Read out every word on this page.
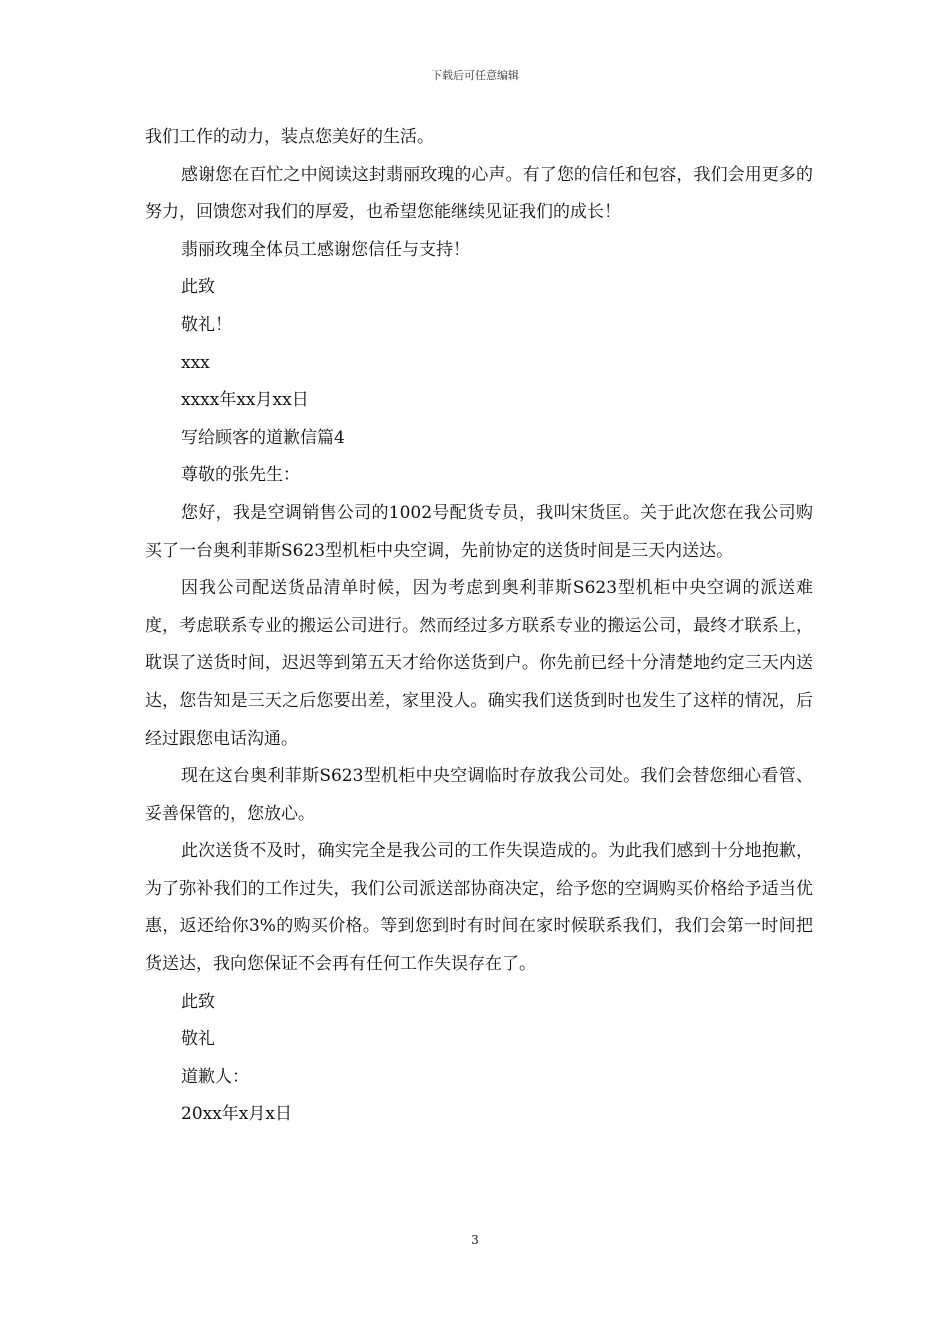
下载后可任意编辑

我们工作的动力，装点您美好的生活。

感谢您在百忙之中阅读这封翡丽玫瑰的心声。有了您的信任和包容，我们会用更多的努力，回馈您对我们的厚爱，也希望您能继续见证我们的成长！

翡丽玫瑰全体员工感谢您信任与支持！

此致

敬礼！

xxx

xxxx年xx月xx日

写给顾客的道歉信篇4

尊敬的张先生：

您好，我是空调销售公司的1002号配货专员，我叫宋货匡。关于此次您在我公司购买了一台奥利菲斯S623型机柜中央空调，先前协定的送货时间是三天内送达。

因我公司配送货品清单时候，因为考虑到奥利菲斯S623型机柜中央空调的派送难度，考虑联系专业的搬运公司进行。然而经过多方联系专业的搬运公司，最终才联系上，耽误了送货时间，迟迟等到第五天才给你送货到户。你先前已经十分清楚地约定三天内送达，您告知是三天之后您要出差，家里没人。确实我们送货到时也发生了这样的情况，后经过跟您电话沟通。

现在这台奥利菲斯S623型机柜中央空调临时存放我公司处。我们会替您细心看管、妥善保管的，您放心。

此次送货不及时，确实完全是我公司的工作失误造成的。为此我们感到十分地抱歉，为了弥补我们的工作过失，我们公司派送部协商决定，给予您的空调购买价格给予适当优惠，返还给你3%的购买价格。等到您到时有时间在家时候联系我们，我们会第一时间把货送达，我向您保证不会再有任何工作失误存在了。

此致

敬礼

道歉人：

20xx年x月x日

3
